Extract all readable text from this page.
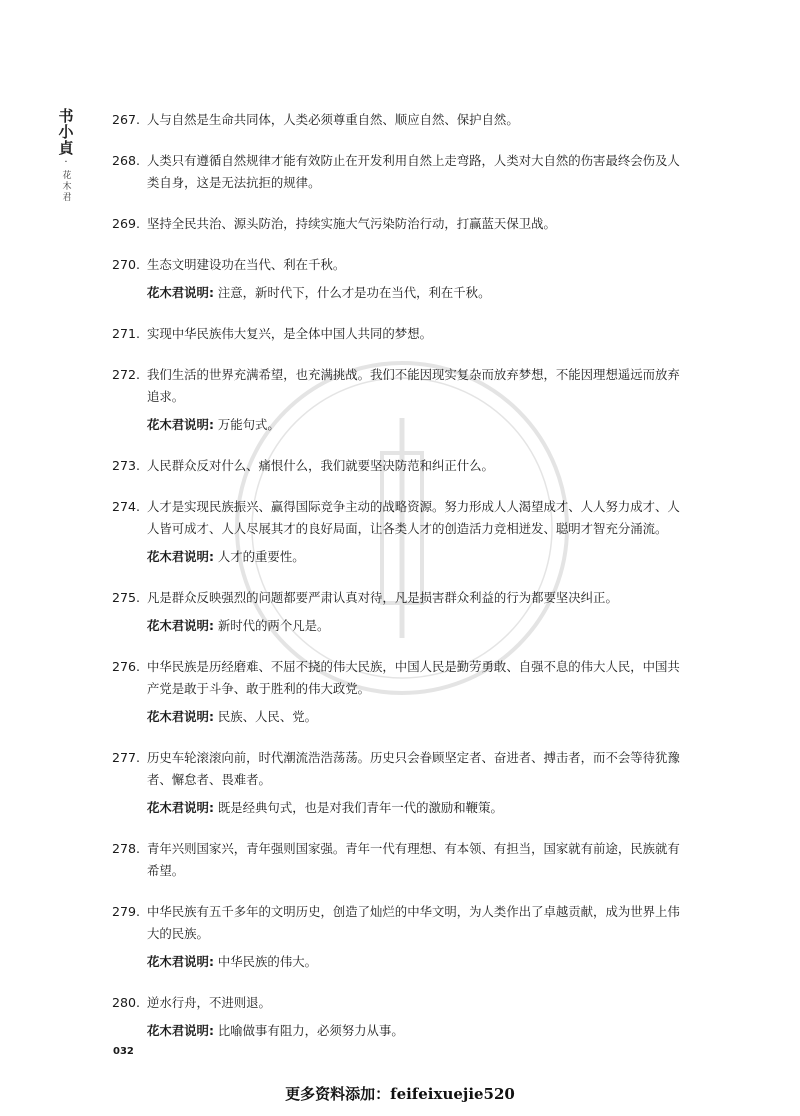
书小貞
·
花木君
267. 人与自然是生命共同体，人类必须尊重自然、顺应自然、保护自然。

268. 人类只有遵循自然规律才能有效防止在开发利用自然上走弯路，人类对大自然的伤害最终会伤及人类自身，这是无法抗拒的规律。

269. 坚持全民共治、源头防治，持续实施大气污染防治行动，打赢蓝天保卫战。

270. 生态文明建设功在当代、利在千秋。

花木君说明: 注意，新时代下，什么才是功在当代，利在千秋。

271. 实现中华民族伟大复兴，是全体中国人共同的梦想。

272. 我们生活的世界充满希望，也充满挑战。我们不能因现实复杂而放弃梦想，不能因理想遥远而放弃追求。

花木君说明: 万能句式。

273. 人民群众反对什么、痛恨什么，我们就要坚决防范和纠正什么。

274. 人才是实现民族振兴、赢得国际竞争主动的战略资源。努力形成人人渴望成才、人人努力成才、人人皆可成才、人人尽展其才的良好局面，让各类人才的创造活力竞相迸发、聪明才智充分涌流。

花木君说明: 人才的重要性。

275. 凡是群众反映强烈的问题都要严肃认真对待，凡是损害群众利益的行为都要坚决纠正。

花木君说明: 新时代的两个凡是。

276. 中华民族是历经磨难、不屈不挠的伟大民族，中国人民是勤劳勇敢、自强不息的伟大人民，中国共产党是敢于斗争、敢于胜利的伟大政党。

花木君说明: 民族、人民、党。

277. 历史车轮滚滚向前，时代潮流浩浩荡荡。历史只会眷顾坚定者、奋进者、搏击者，而不会等待犹豫者、懈怠者、畏难者。

花木君说明: 既是经典句式，也是对我们青年一代的激励和鞭策。

278. 青年兴则国家兴，青年强则国家强。青年一代有理想、有本领、有担当，国家就有前途，民族就有希望。

279. 中华民族有五千多年的文明历史，创造了灿烂的中华文明，为人类作出了卓越贡献，成为世界上伟大的民族。

花木君说明: 中华民族的伟大。

280. 逆水行舟，不进则退。

花木君说明: 比喻做事有阻力，必须努力从事。

032
更多资料添加：feifeixuejie520
